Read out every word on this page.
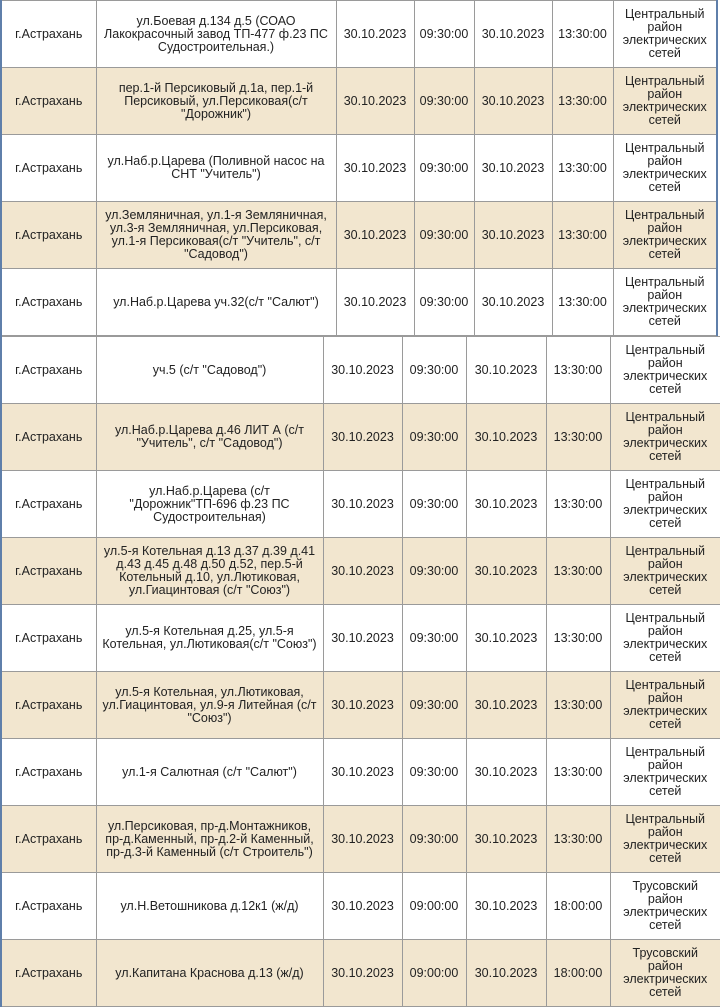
г.Астрахань	ул.Боевая д.134 д.5 (СОАО Лакокрасочный завод ТП-477 ф.23 ПС Судостроительная.)	30.10.2023	09:30:00	30.10.2023	13:30:00	Центральный район электрических сетей
г.Астрахань	пер.1-й Персиковый д.1а, пер.1-й Персиковый, ул.Персиковая(с/т "Дорожник")	30.10.2023	09:30:00	30.10.2023	13:30:00	Центральный район электрических сетей
г.Астрахань	ул.Наб.р.Царева (Поливной насос на СНТ "Учитель")	30.10.2023	09:30:00	30.10.2023	13:30:00	Центральный район электрических сетей
г.Астрахань	ул.Земляничная, ул.1-я Земляничная, ул.3-я Земляничная, ул.Персиковая, ул.1-я Персиковая(с/т "Учитель", с/т "Садовод")	30.10.2023	09:30:00	30.10.2023	13:30:00	Центральный район электрических сетей
г.Астрахань	ул.Наб.р.Царева уч.32(с/т "Салют")	30.10.2023	09:30:00	30.10.2023	13:30:00	Центральный район электрических сетей
г.Астрахань	уч.5 (с/т "Садовод")	30.10.2023	09:30:00	30.10.2023	13:30:00	Центральный район электрических сетей
г.Астрахань	ул.Наб.р.Царева д.46 ЛИТ А (с/т "Учитель", с/т "Садовод")	30.10.2023	09:30:00	30.10.2023	13:30:00	Центральный район электрических сетей
г.Астрахань	ул.Наб.р.Царева (с/т "Дорожник"ТП-696 ф.23 ПС Судостроительная)	30.10.2023	09:30:00	30.10.2023	13:30:00	Центральный район электрических сетей
г.Астрахань	ул.5-я Котельная д.13 д.37 д.39 д.41 д.43 д.45 д.48 д.50 д.52, пер.5-й Котельный д.10, ул.Лютиковая, ул.Гиацинтовая (с/т "Союз")	30.10.2023	09:30:00	30.10.2023	13:30:00	Центральный район электрических сетей
г.Астрахань	ул.5-я Котельная д.25, ул.5-я Котельная, ул.Лютиковая(с/т "Союз")	30.10.2023	09:30:00	30.10.2023	13:30:00	Центральный район электрических сетей
г.Астрахань	ул.5-я Котельная, ул.Лютиковая, ул.Гиацинтовая, ул.9-я Литейная (с/т "Союз")	30.10.2023	09:30:00	30.10.2023	13:30:00	Центральный район электрических сетей
г.Астрахань	ул.1-я Салютная (с/т "Салют")	30.10.2023	09:30:00	30.10.2023	13:30:00	Центральный район электрических сетей
г.Астрахань	ул.Персиковая, пр-д.Монтажников, пр-д.Каменный, пр-д.2-й Каменный, пр-д.3-й Каменный (с/т Строитель")	30.10.2023	09:30:00	30.10.2023	13:30:00	Центральный район электрических сетей
г.Астрахань	ул.Н.Ветошникова д.12к1 (ж/д)	30.10.2023	09:00:00	30.10.2023	18:00:00	Трусовский район электрических сетей
г.Астрахань	ул.Капитана Краснова д.13 (ж/д)	30.10.2023	09:00:00	30.10.2023	18:00:00	Трусовский район электрических сетей
